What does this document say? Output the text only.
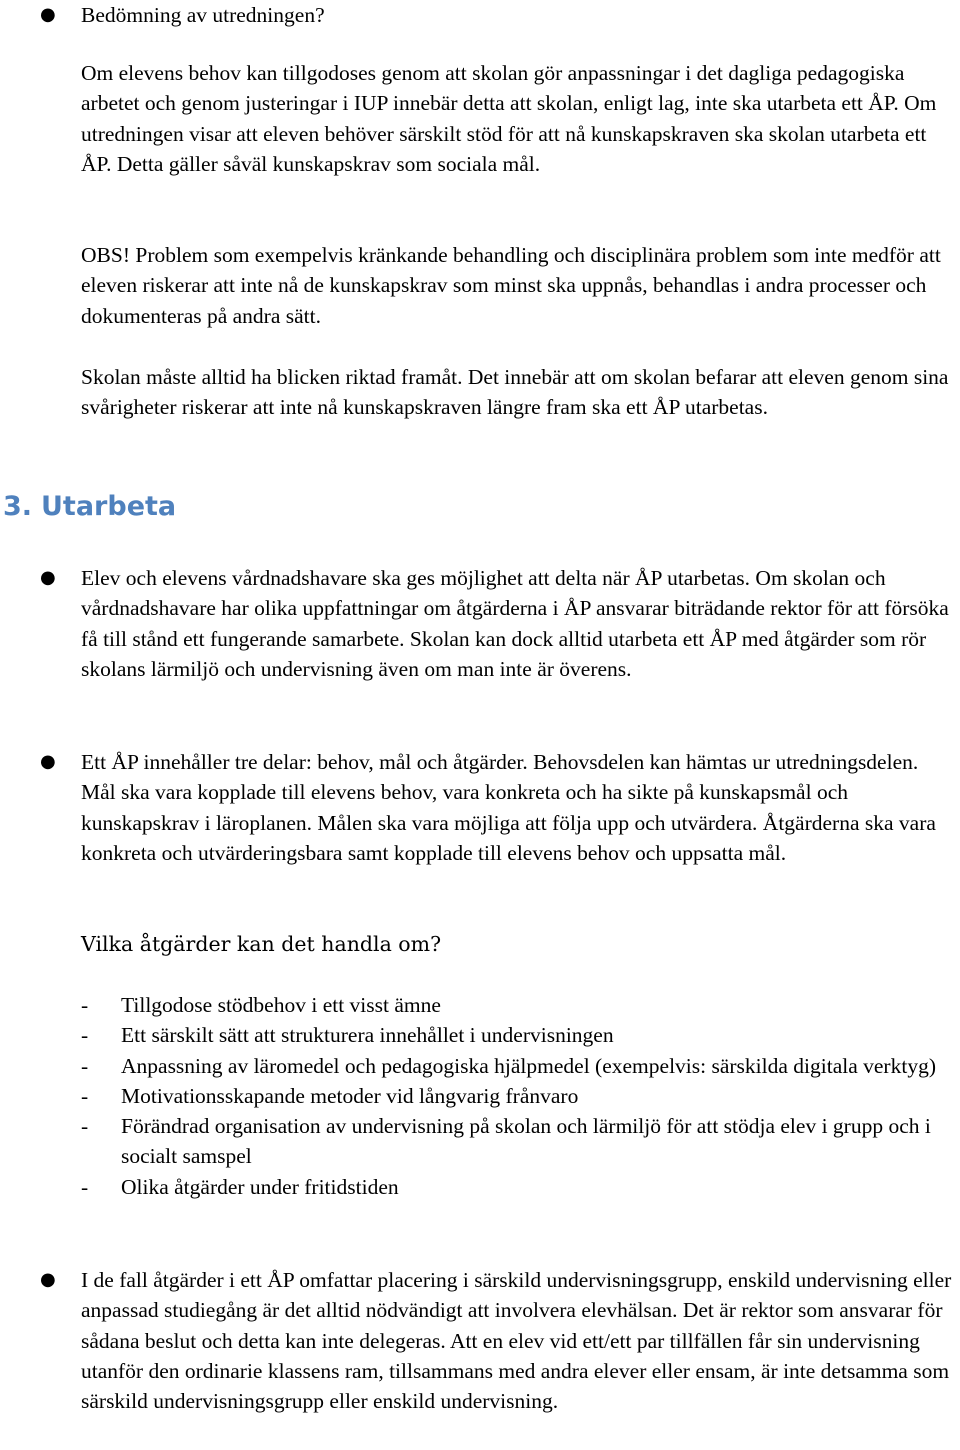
● Bedömning av utredningen?

Om elevens behov kan tillgodoses genom att skolan gör anpassningar i det dagliga pedagogiska arbetet och genom justeringar i IUP innebär detta att skolan, enligt lag, inte ska utarbeta ett ÅP. Om utredningen visar att eleven behöver särskilt stöd för att nå kunskapskraven ska skolan utarbeta ett ÅP. Detta gäller såväl kunskapskrav som sociala mål.

OBS! Problem som exempelvis kränkande behandling och disciplinära problem som inte medför att eleven riskerar att inte nå de kunskapskrav som minst ska uppnås, behandlas i andra processer och dokumenteras på andra sätt.

Skolan måste alltid ha blicken riktad framåt. Det innebär att om skolan befarar att eleven genom sina svårigheter riskerar att inte nå kunskapskraven längre fram ska ett ÅP utarbetas.

3. Utarbeta
● Elev och elevens vårdnadshavare ska ges möjlighet att delta när ÅP utarbetas. Om skolan och vårdnadshavare har olika uppfattningar om åtgärderna i ÅP ansvarar biträdande rektor för att försöka få till stånd ett fungerande samarbete. Skolan kan dock alltid utarbeta ett ÅP med åtgärder som rör skolans lärmiljö och undervisning även om man inte är överens.

● Ett ÅP innehåller tre delar: behov, mål och åtgärder. Behovsdelen kan hämtas ur utredningsdelen. Mål ska vara kopplade till elevens behov, vara konkreta och ha sikte på kunskapsmål och kunskapskrav i läroplanen. Målen ska vara möjliga att följa upp och utvärdera. Åtgärderna ska vara konkreta och utvärderingsbara samt kopplade till elevens behov och uppsatta mål.

Vilka åtgärder kan det handla om?

- Tillgodose stödbehov i ett visst ämne
- Ett särskilt sätt att strukturera innehållet i undervisningen
- Anpassning av läromedel och pedagogiska hjälpmedel (exempelvis: särskilda digitala verktyg)
- Motivationsskapande metoder vid långvarig frånvaro
- Förändrad organisation av undervisning på skolan och lärmiljö för att stödja elev i grupp och i socialt samspel
- Olika åtgärder under fritidstiden
● I de fall åtgärder i ett ÅP omfattar placering i särskild undervisningsgrupp, enskild undervisning eller anpassad studiegång är det alltid nödvändigt att involvera elevhälsan. Det är rektor som ansvarar för sådana beslut och detta kan inte delegeras. Att en elev vid ett/ett par tillfällen får sin undervisning utanför den ordinarie klassens ram, tillsammans med andra elever eller ensam, är inte detsamma som särskild undervisningsgrupp eller enskild undervisning.
